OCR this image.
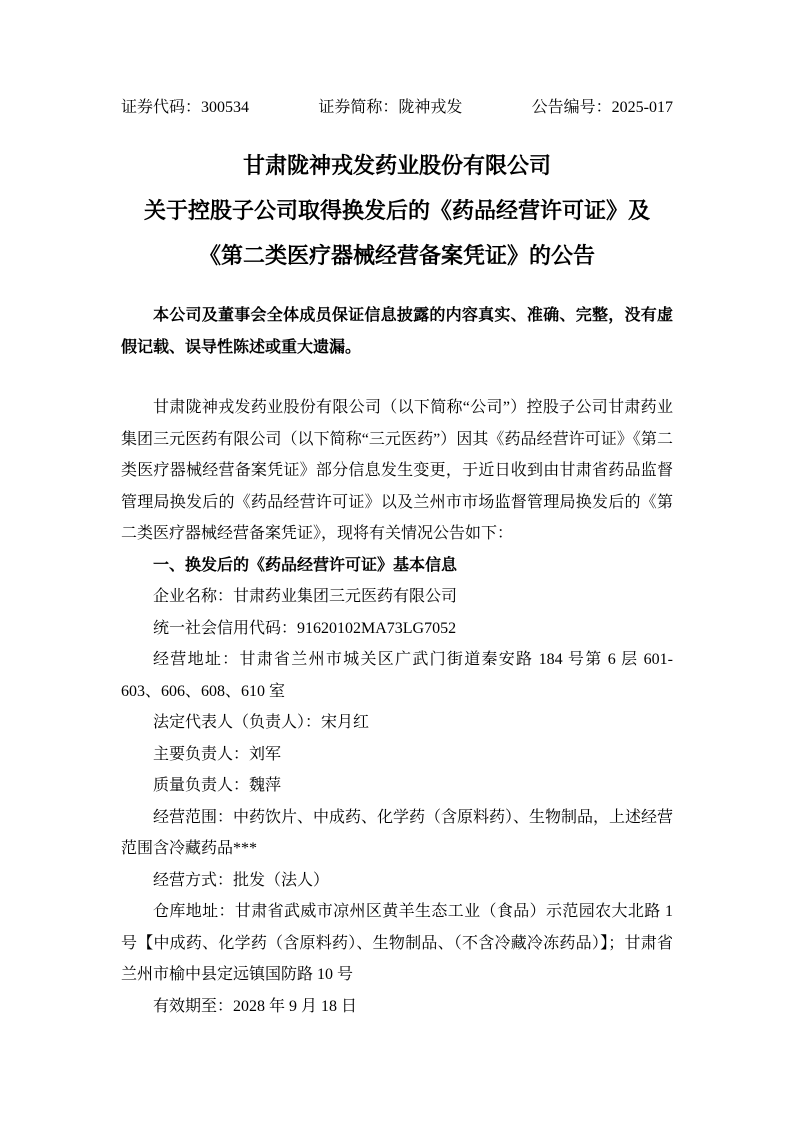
证券代码：300534	证券简称：陇神戎发	公告编号：2025-017

甘肃陇神戎发药业股份有限公司

关于控股子公司取得换发后的《药品经营许可证》及

《第二类医疗器械经营备案凭证》的公告

本公司及董事会全体成员保证信息披露的内容真实、准确、完整，没有虚假记载、误导性陈述或重大遗漏。

甘肃陇神戎发药业股份有限公司（以下简称“公司”）控股子公司甘肃药业集团三元医药有限公司（以下简称“三元医药”）因其《药品经营许可证》《第二类医疗器械经营备案凭证》部分信息发生变更，于近日收到由甘肃省药品监督管理局换发后的《药品经营许可证》以及兰州市市场监督管理局换发后的《第二类医疗器械经营备案凭证》，现将有关情况公告如下：

一、换发后的《药品经营许可证》基本信息

企业名称：甘肃药业集团三元医药有限公司

统一社会信用代码：91620102MA73LG7052

经营地址：甘肃省兰州市城关区广武门街道秦安路 184 号第 6 层 601-603、606、608、610 室

法定代表人（负责人）：宋月红

主要负责人：刘军

质量负责人：魏萍

经营范围：中药饮片、中成药、化学药（含原料药）、生物制品，上述经营范围含冷藏药品***

经营方式：批发（法人）

仓库地址：甘肃省武威市凉州区黄羊生态工业（食品）示范园农大北路 1 号【中成药、化学药（含原料药）、生物制品、（不含冷藏冷冻药品）】；甘肃省兰州市榆中县定远镇国防路 10 号

有效期至：2028 年 9 月 18 日
